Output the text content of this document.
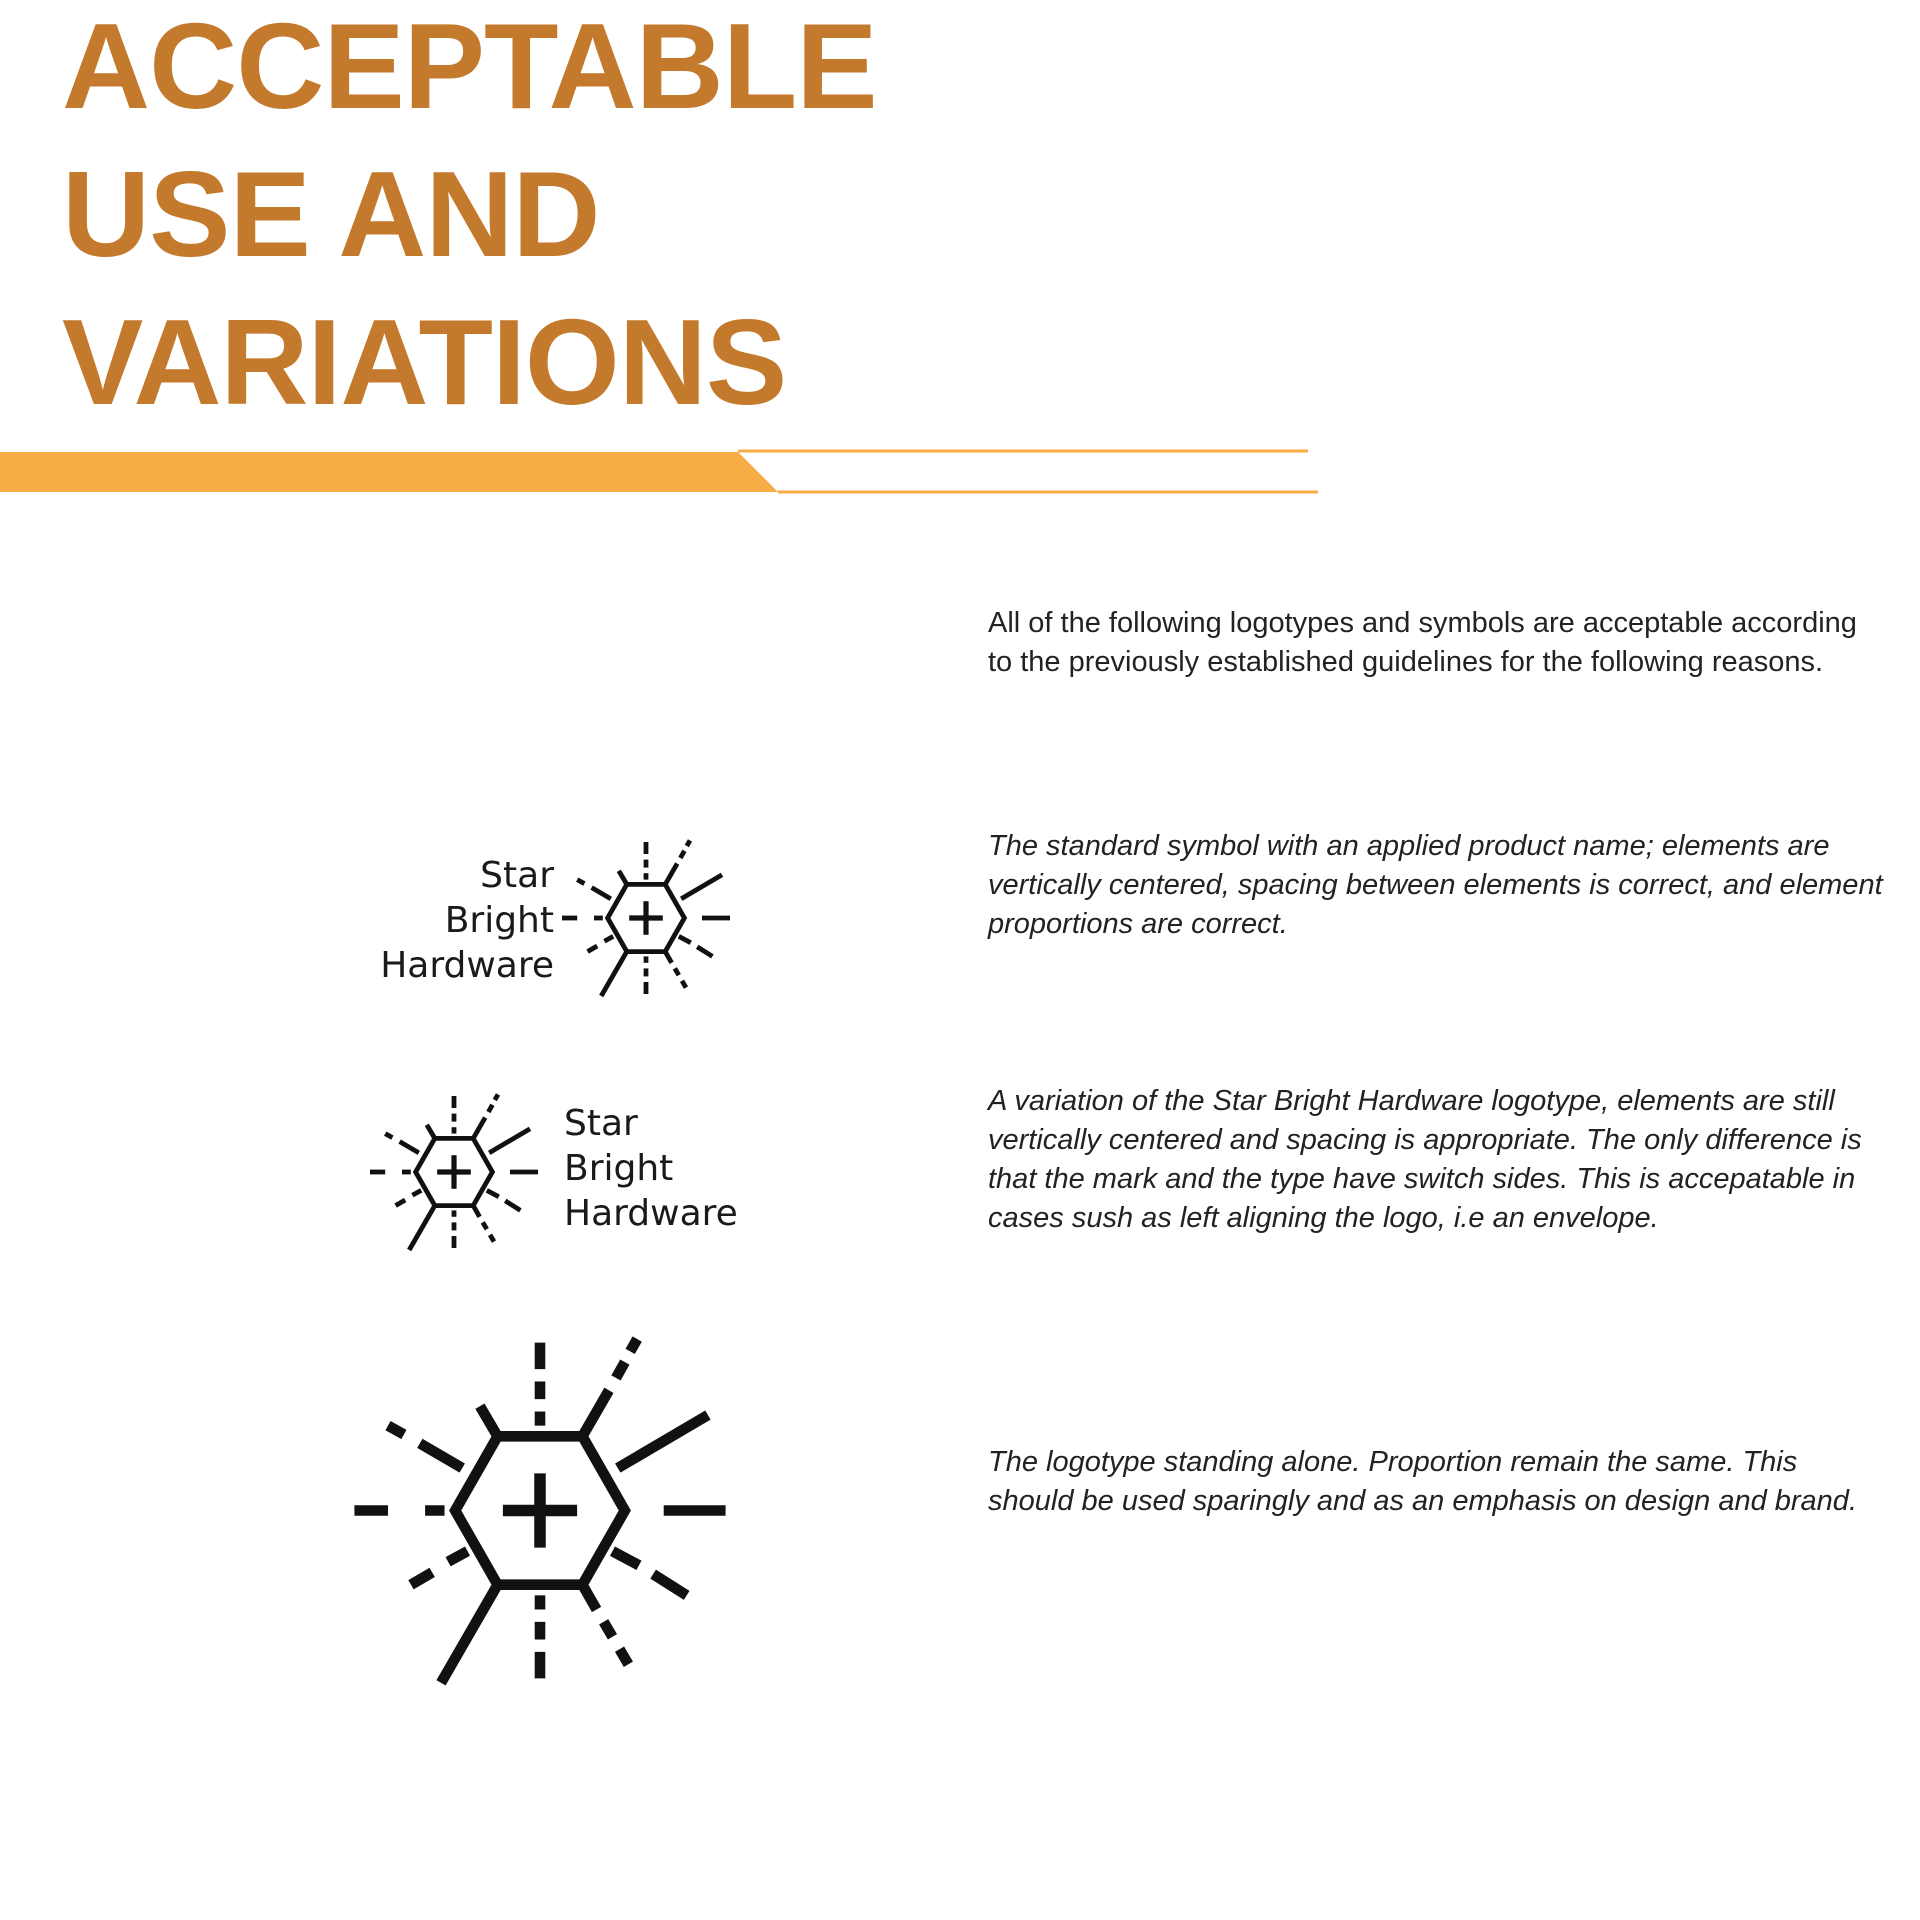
ACCEPTABLE
USE AND
VARIATIONS

All of the following logotypes and symbols are acceptable according to the previously established guidelines for the following reasons.

Star
Bright
Hardware

The standard symbol with an applied product name; elements are vertically centered, spacing between elements is correct, and element proportions are correct.

Star
Bright
Hardware

A variation of the Star Bright Hardware logotype, elements are still vertically centered and spacing is appropriate. The only difference is that the mark and the type have switch sides. This is accepatable in cases sush as left aligning the logo, i.e an envelope.

The logotype standing alone. Proportion remain the same. This should be used sparingly and as an emphasis on design and brand.
